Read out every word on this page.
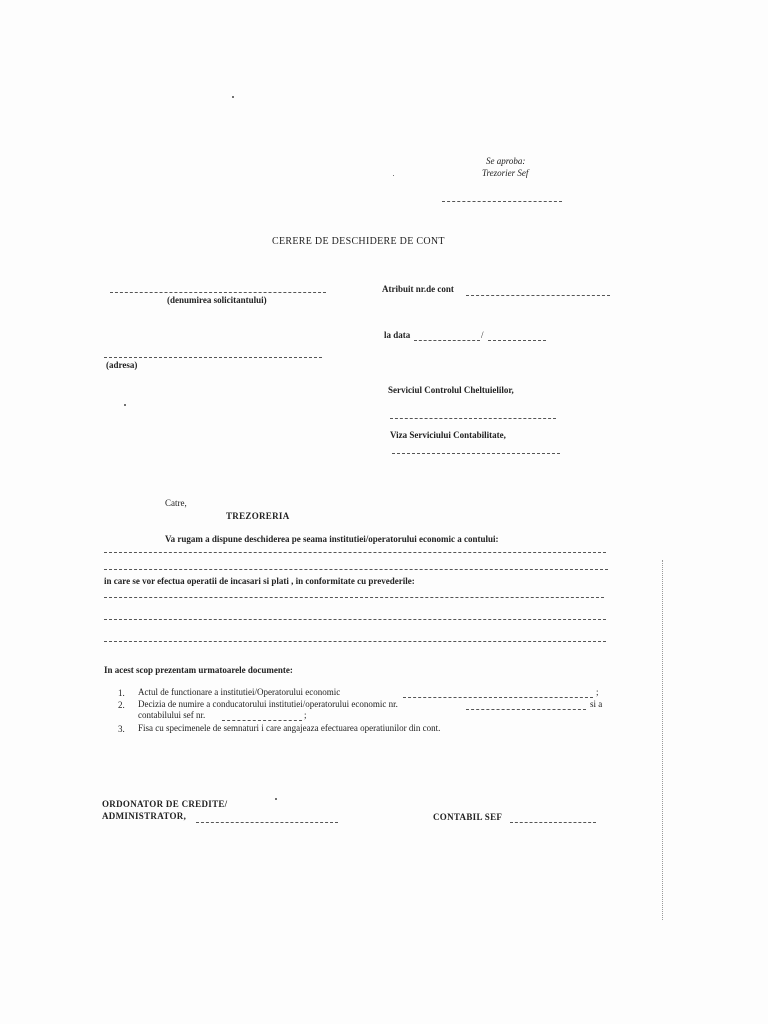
Se aproba:
Trezorier Sef
CERERE DE DESCHIDERE DE CONT
(denumirea solicitantului)
Atribuit nr.de cont
la data	/
(adresa)
Serviciul Controlul Cheltuielilor,
Viza Serviciului Contabilitate,
Catre,
TREZORERIA
Va rugam a dispune deschiderea pe seama institutiei/operatorului economic a contului:
in care se vor efectua operatii de incasari si plati , in conformitate cu prevederile:
In acest scop prezentam urmatoarele documente:
1. Actul de functionare a institutiei/Operatorului economic	;
2. Decizia de numire a conducatorului institutiei/operatorului economic nr.	si a
contabilului sef nr.	;
3. Fisa cu specimenele de semnaturi i care angajeaza efectuarea operatiunilor din cont.
ORDONATOR DE CREDITE/
ADMINISTRATOR,	CONTABIL SEF
